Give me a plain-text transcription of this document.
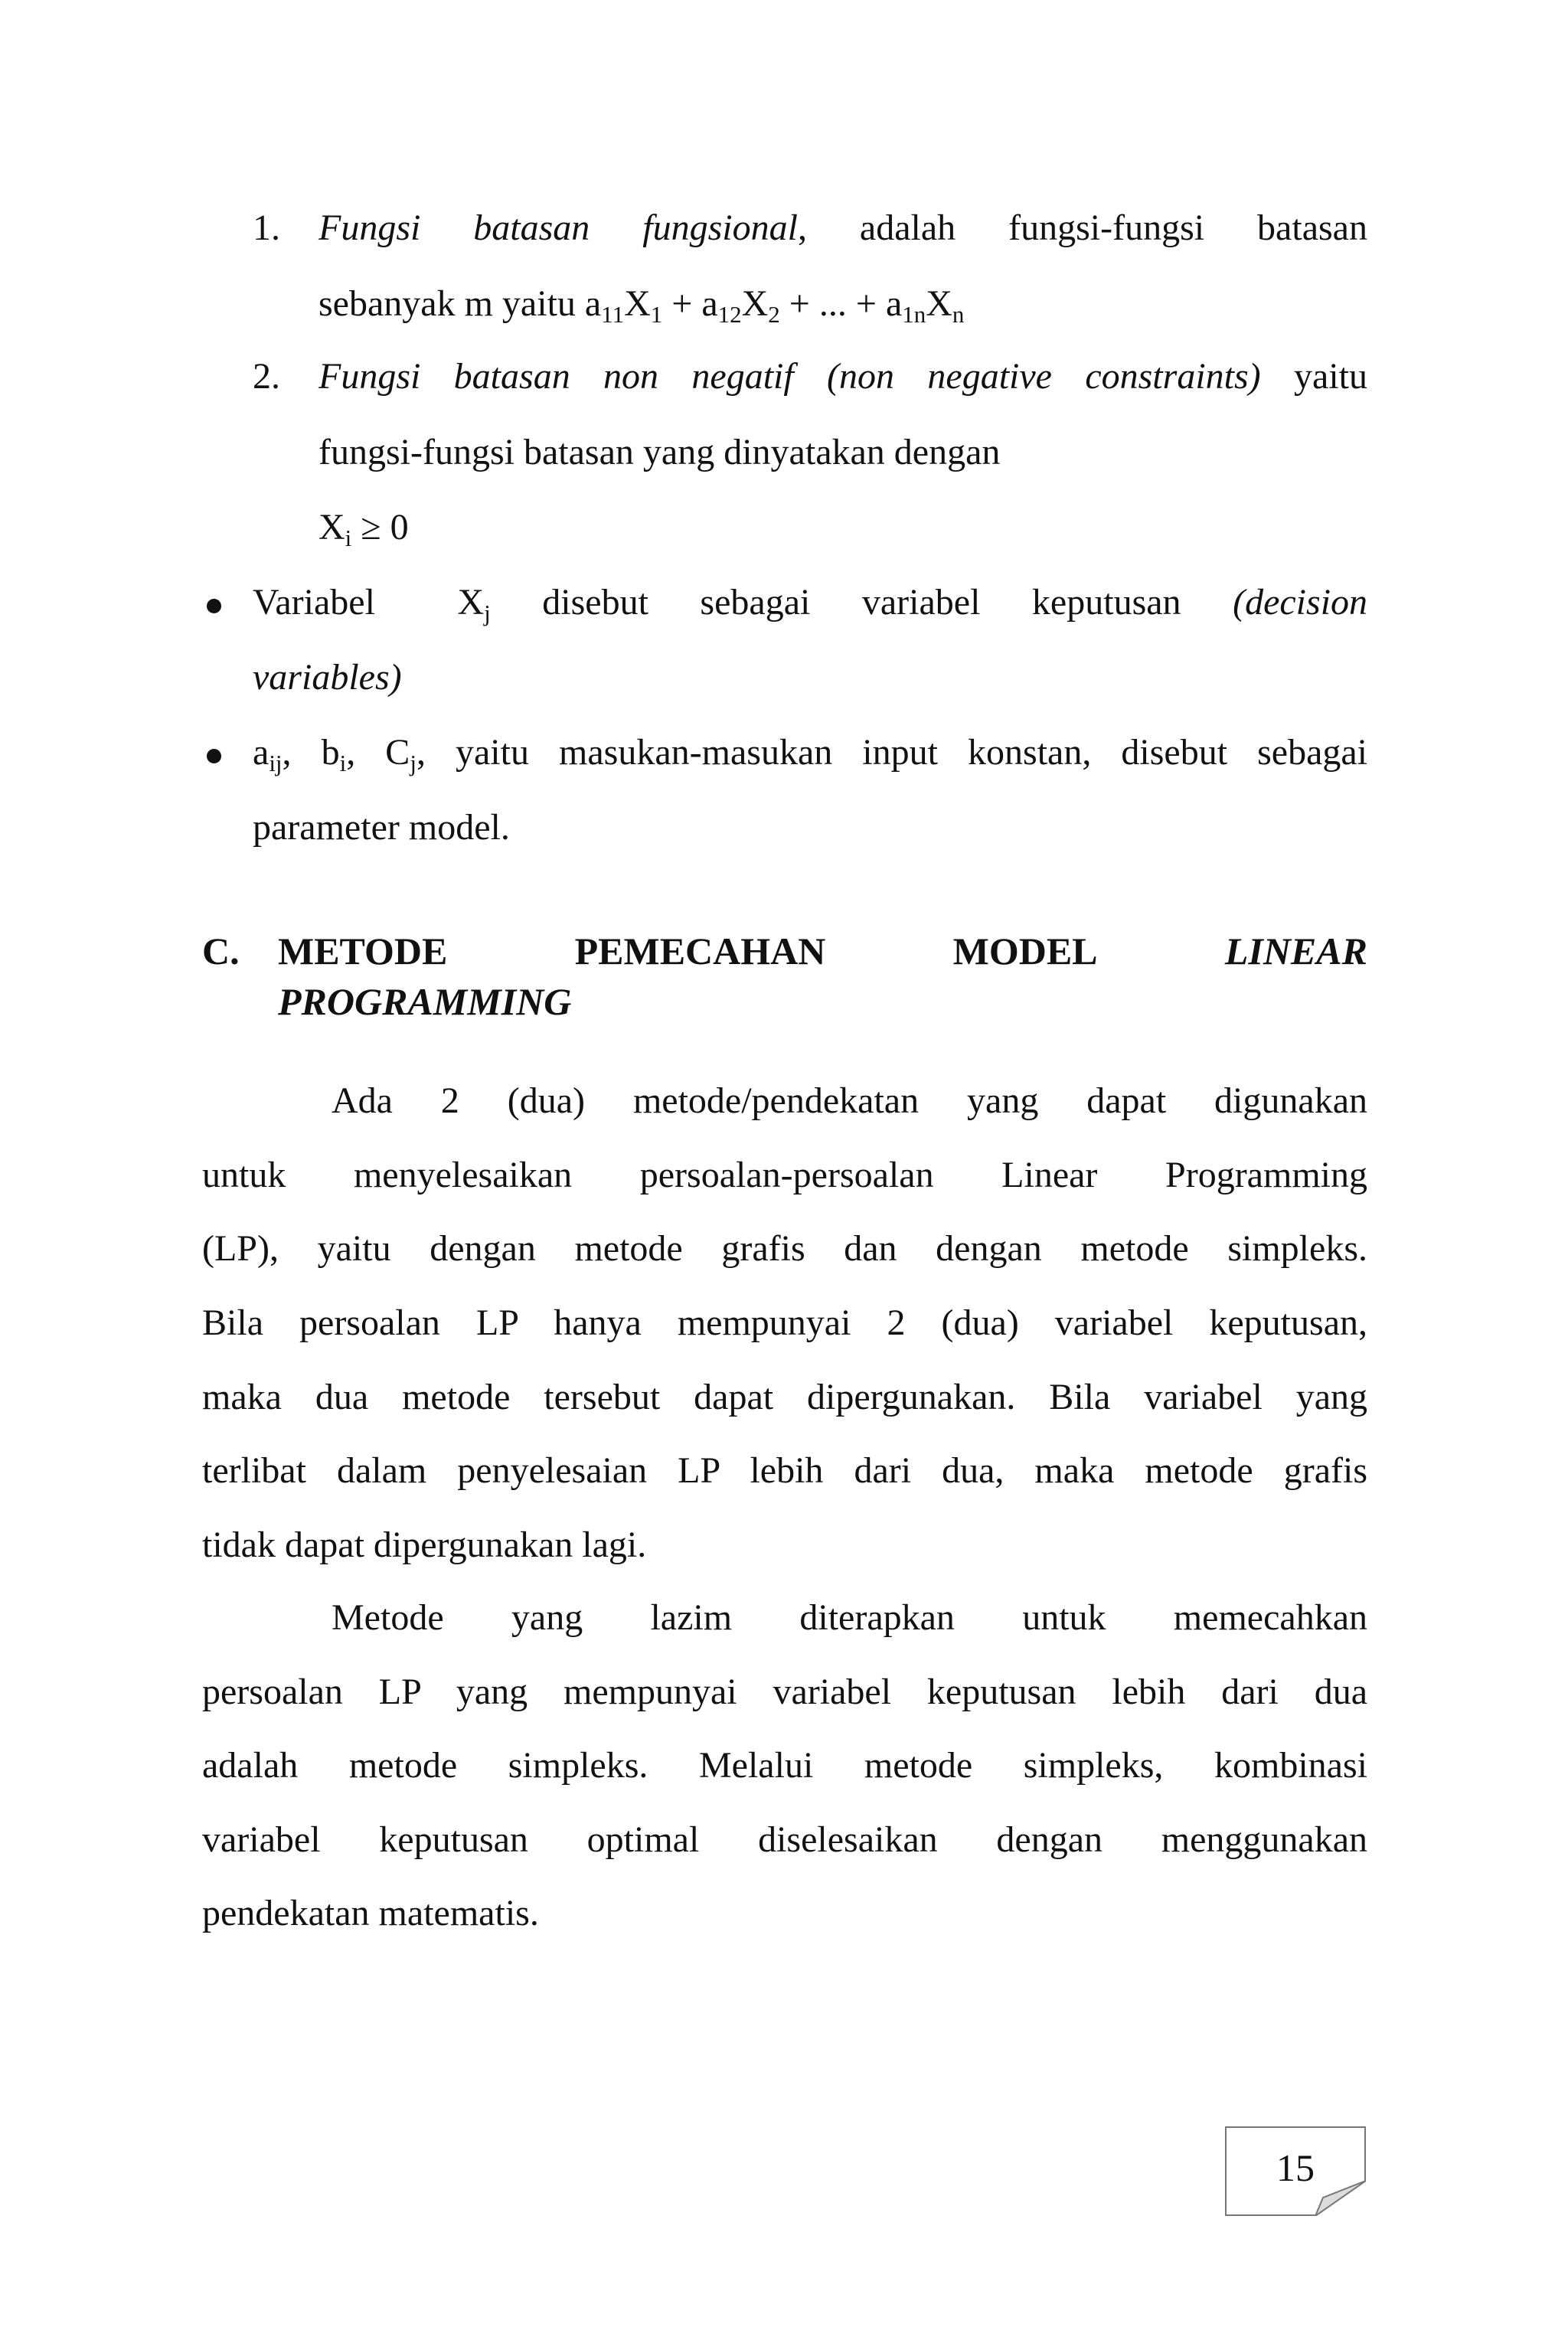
1. Fungsi batasan fungsional, adalah fungsi-fungsi batasan
sebanyak m yaitu $a_{11}X_1 + a_{12}X_2$ + ... + $a_{1n}X_n$
2. Fungsi batasan non negatif (non negative constraints) yaitu
fungsi-fungsi batasan yang dinyatakan dengan
$X_i \ge 0$
Variabel $X_j$ disebut sebagai variabel keputusan (decision
variables)
$a_{ij}$, $b_i$, $C_j$, yaitu masukan-masukan input konstan, disebut sebagai
parameter model.
C. METODE	PEMECAHAN	MODEL	LINEAR
PROGRAMMING
Ada 2 (dua) metode/pendekatan yang dapat digunakan
untuk menyelesaikan persoalan-persoalan Linear Programming
(LP), yaitu dengan metode grafis dan dengan metode simpleks.
Bila persoalan LP hanya mempunyai 2 (dua) variabel keputusan,
maka dua metode tersebut dapat dipergunakan. Bila variabel yang
terlibat dalam penyelesaian LP lebih dari dua, maka metode grafis
tidak dapat dipergunakan lagi.
Metode yang lazim diterapkan untuk memecahkan
persoalan LP yang mempunyai variabel keputusan lebih dari dua
adalah metode simpleks. Melalui metode simpleks, kombinasi
variabel keputusan optimal diselesaikan dengan menggunakan
pendekatan matematis.
15
